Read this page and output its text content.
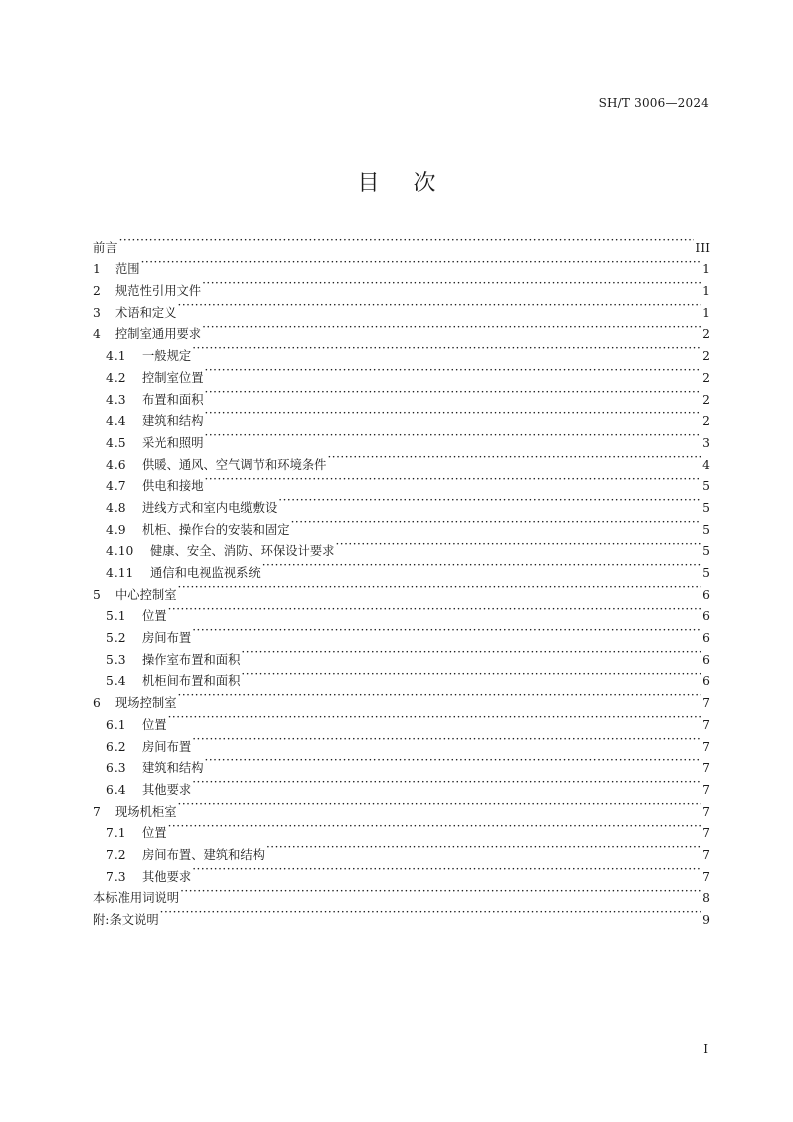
SH/T 3006—2024
目次
前言 ·····	III
1	范围 ·····	1
2	规范性引用文件 ·····	1
3	术语和定义 ·····	1
4	控制室通用要求 ·····	2
4.1	一般规定 ·····	2
4.2	控制室位置 ·····	2
4.3	布置和面积 ·····	2
4.4	建筑和结构 ·····	2
4.5	采光和照明 ·····	3
4.6	供暖、通风、空气调节和环境条件 ·····	4
4.7	供电和接地 ·····	5
4.8	进线方式和室内电缆敷设 ·····	5
4.9	机柜、操作台的安装和固定 ·····	5
4.10	健康、安全、消防、环保设计要求 ·····	5
4.11	通信和电视监视系统 ·····	5
5	中心控制室 ·····	6
5.1	位置 ·····	6
5.2	房间布置 ·····	6
5.3	操作室布置和面积 ·····	6
5.4	机柜间布置和面积 ·····	6
6	现场控制室 ·····	7
6.1	位置 ·····	7
6.2	房间布置 ·····	7
6.3	建筑和结构 ·····	7
6.4	其他要求 ·····	7
7	现场机柜室 ·····	7
7.1	位置 ·····	7
7.2	房间布置、建筑和结构 ·····	7
7.3	其他要求 ·····	7
本标准用词说明 ·····	8
附:条文说明 ·····	9
I
